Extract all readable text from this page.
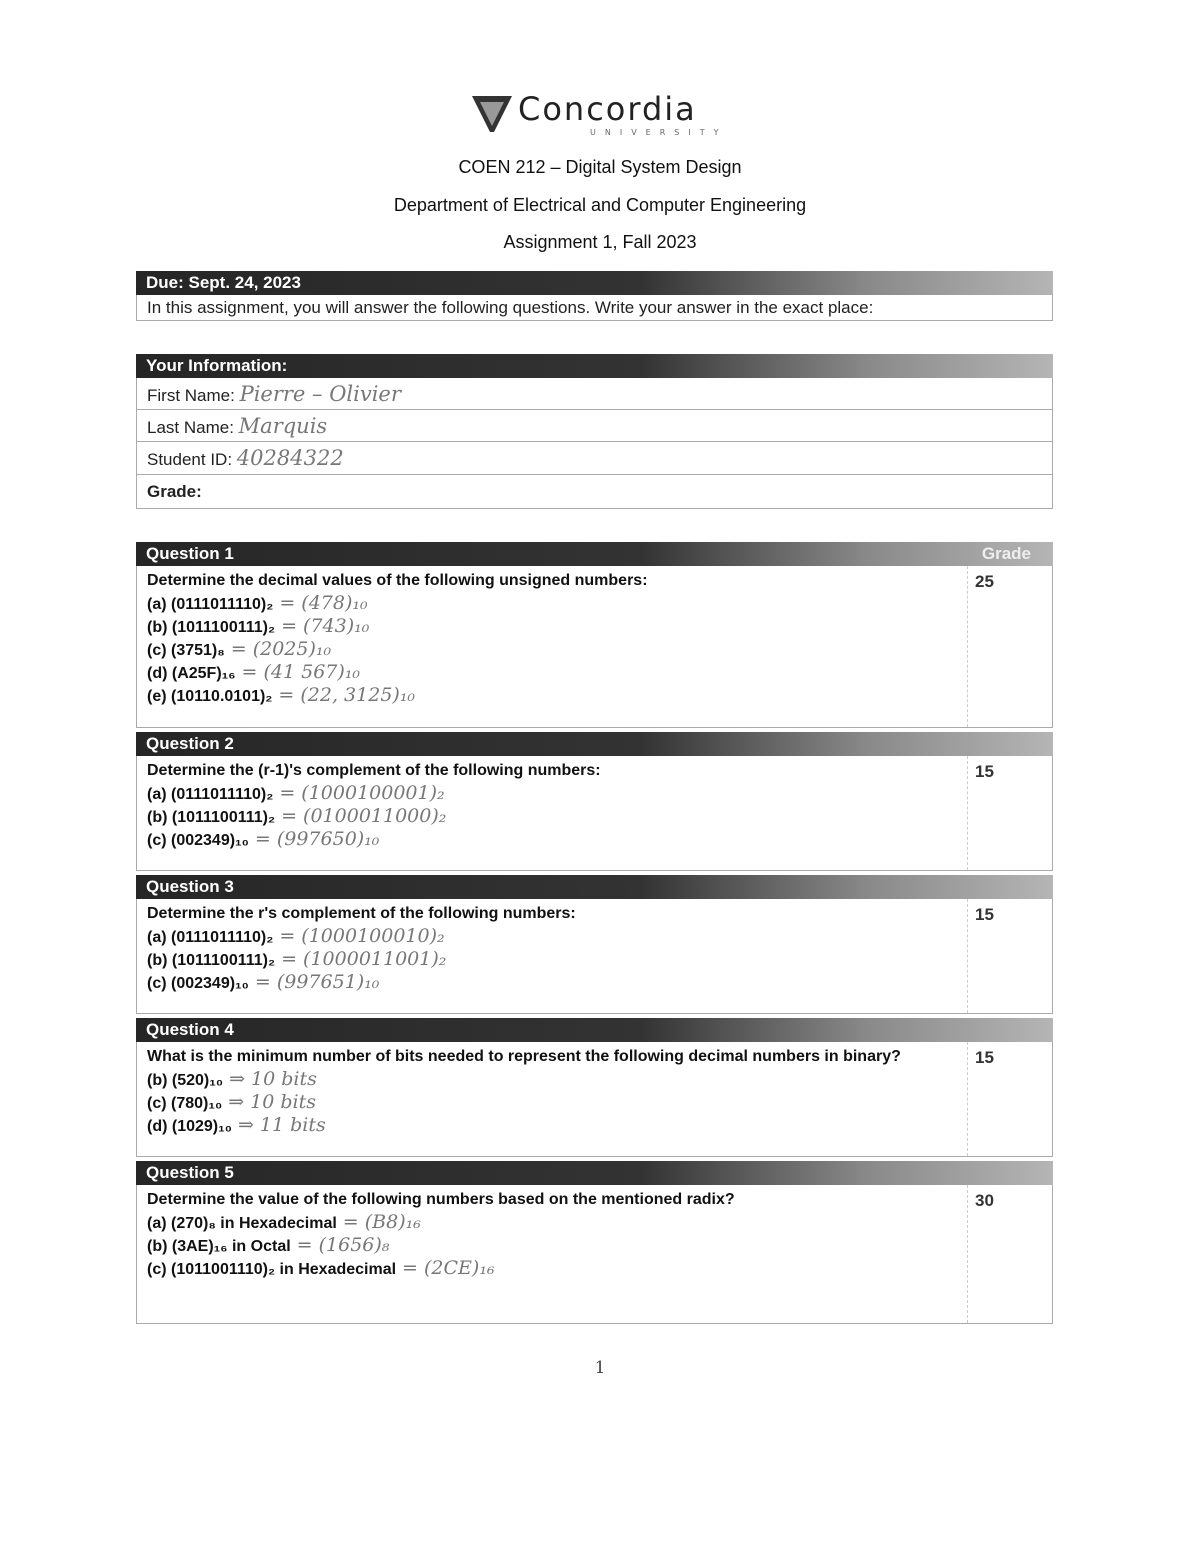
Concordia
UNIVERSITY
COEN 212 – Digital System Design
Department of Electrical and Computer Engineering
Assignment 1, Fall 2023
Due: Sept. 24, 2023
In this assignment, you will answer the following questions. Write your answer in the exact place:
Your Information:
First Name: Pierre – Olivier
Last Name: Marquis
Student ID: 40284322
Grade:
Question 1	Grade
Determine the decimal values of the following unsigned numbers:
(a) (0111011110)₂ = (478)₁₀
(b) (1011100111)₂ = (743)₁₀
(c) (3751)₈ = (2025)₁₀
(d) (A25F)₁₆ = (41 567)₁₀
(e) (10110.0101)₂ = (22, 3125)₁₀
25
Question 2
Determine the (r-1)'s complement of the following numbers:
(a) (0111011110)₂ = (1000100001)₂
(b) (1011100111)₂ = (0100011000)₂
(c) (002349)₁₀ = (997650)₁₀
15
Question 3
Determine the r's complement of the following numbers:
(a) (0111011110)₂ = (1000100010)₂
(b) (1011100111)₂ = (1000011001)₂
(c) (002349)₁₀ = (997651)₁₀
15
Question 4
What is the minimum number of bits needed to represent the following decimal numbers in binary?
(b) (520)₁₀ ⇒ 10 bits
(c) (780)₁₀ ⇒ 10 bits
(d) (1029)₁₀ ⇒ 11 bits
15
Question 5
Determine the value of the following numbers based on the mentioned radix?
(a) (270)₈ in Hexadecimal = (B8)₁₆
(b) (3AE)₁₆ in Octal = (1656)₈
(c) (1011001110)₂ in Hexadecimal = (2CE)₁₆
30
1
